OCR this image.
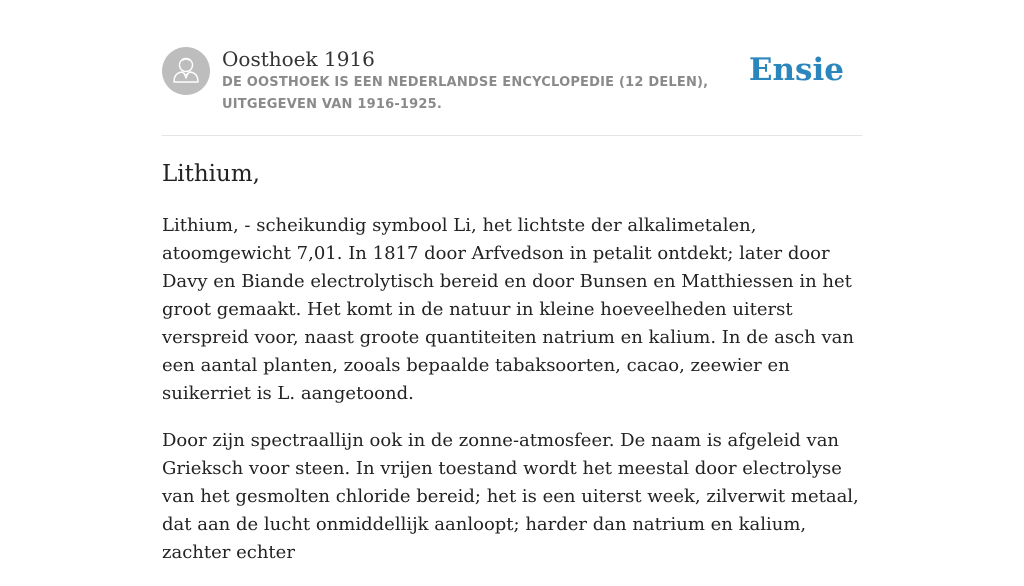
Oosthoek 1916
DE OOSTHOEK IS EEN NEDERLANDSE ENCYCLOPEDIE (12 DELEN), UITGEGEVEN VAN 1916-1925.
Ensie
Lithium,

Lithium, - scheikundig symbool Li, het lichtste der alkalimetalen, atoomgewicht 7,01. In 1817 door Arfvedson in petalit ontdekt; later door Davy en Biande electrolytisch bereid en door Bunsen en Matthiessen in het groot gemaakt. Het komt in de natuur in kleine hoeveelheden uiterst verspreid voor, naast groote quantiteiten natrium en kalium. In de asch van een aantal planten, zooals bepaalde tabaksoorten, cacao, zeewier en suikerriet is L. aangetoond.

Door zijn spectraallijn ook in de zonne-atmosfeer. De naam is afgeleid van Grieksch voor steen. In vrijen toestand wordt het meestal door electrolyse van het gesmolten chloride bereid; het is een uiterst week, zilverwit metaal, dat aan de lucht onmiddellijk aanloopt; harder dan natrium en kalium, zachter echter
